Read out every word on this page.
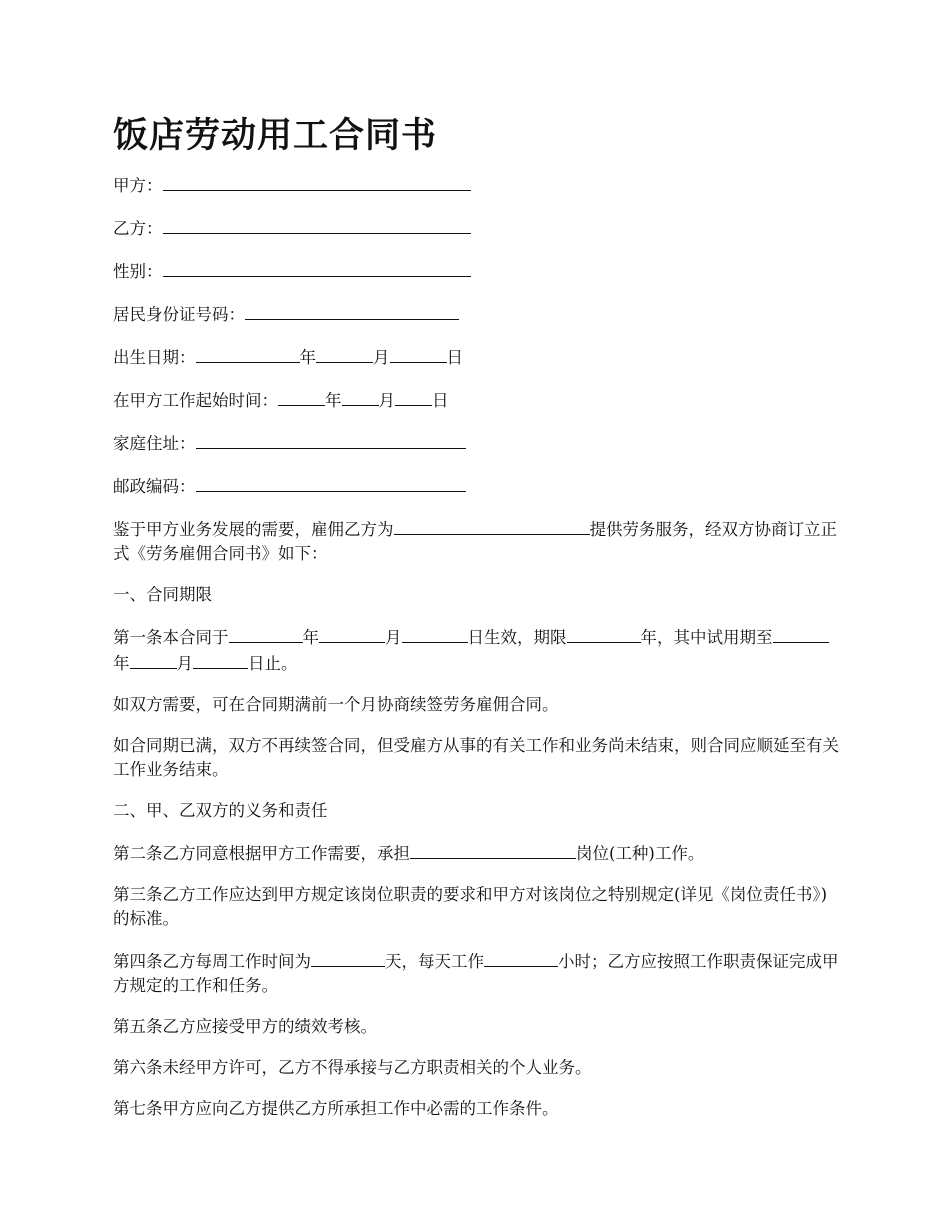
饭店劳动用工合同书
甲方：
乙方：
性别：
居民身份证号码：
出生日期：	年	月	日
在甲方工作起始时间：	年 月 日
家庭住址：
邮政编码：
鉴于甲方业务发展的需要，雇佣乙方为	提供劳务服务，经双方协商订立正式《劳务雇佣合同书》如下：
一、合同期限
第一条本合同于	年	月	日生效，期限	年，其中试用期至年	月	日止。
如双方需要，可在合同期满前一个月协商续签劳务雇佣合同。
如合同期已满，双方不再续签合同，但受雇方从事的有关工作和业务尚未结束，则合同应顺延至有关工作业务结束。
二、甲、乙双方的义务和责任
第二条乙方同意根据甲方工作需要，承担	岗位(工种)工作。
第三条乙方工作应达到甲方规定该岗位职责的要求和甲方对该岗位之特别规定(详见《岗位责任书》)的标准。
第四条乙方每周工作时间为	天，每天工作	小时；乙方应按照工作职责保证完成甲方规定的工作和任务。
第五条乙方应接受甲方的绩效考核。
第六条未经甲方许可，乙方不得承接与乙方职责相关的个人业务。
第七条甲方应向乙方提供乙方所承担工作中必需的工作条件。
